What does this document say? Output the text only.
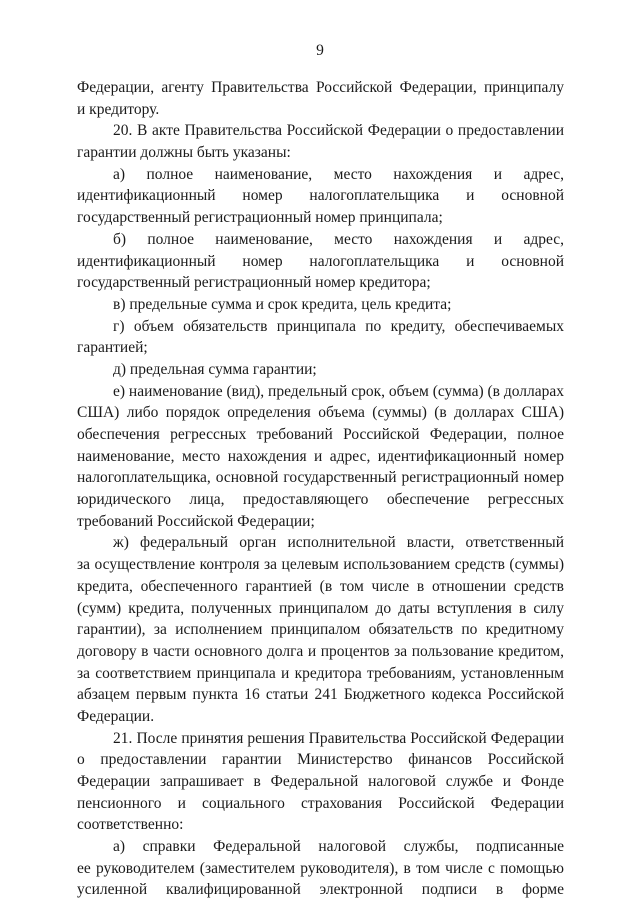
9
Федерации, агенту Правительства Российской Федерации, принципалу
и кредитору.
20. В акте Правительства Российской Федерации о предоставлении
гарантии должны быть указаны:
а) полное наименование, место нахождения и адрес,
идентификационный номер налогоплательщика и основной
государственный регистрационный номер принципала;
б) полное наименование, место нахождения и адрес,
идентификационный номер налогоплательщика и основной
государственный регистрационный номер кредитора;
в) предельные сумма и срок кредита, цель кредита;
г) объем обязательств принципала по кредиту, обеспечиваемых
гарантией;
д) предельная сумма гарантии;
е) наименование (вид), предельный срок, объем (сумма) (в долларах
США) либо порядок определения объема (суммы) (в долларах США)
обеспечения регрессных требований Российской Федерации, полное
наименование, место нахождения и адрес, идентификационный номер
налогоплательщика, основной государственный регистрационный номер
юридического лица, предоставляющего обеспечение регрессных
требований Российской Федерации;
ж) федеральный орган исполнительной власти, ответственный
за осуществление контроля за целевым использованием средств (суммы)
кредита, обеспеченного гарантией (в том числе в отношении средств
(сумм) кредита, полученных принципалом до даты вступления в силу
гарантии), за исполнением принципалом обязательств по кредитному
договору в части основного долга и процентов за пользование кредитом,
за соответствием принципала и кредитора требованиям, установленным
абзацем первым пункта 16 статьи 241 Бюджетного кодекса Российской
Федерации.
21. После принятия решения Правительства Российской Федерации
о предоставлении гарантии Министерство финансов Российской
Федерации запрашивает в Федеральной налоговой службе и Фонде
пенсионного и социального страхования Российской Федерации
соответственно:
а) справки Федеральной налоговой службы, подписанные
ее руководителем (заместителем руководителя), в том числе с помощью
усиленной квалифицированной электронной подписи в форме
